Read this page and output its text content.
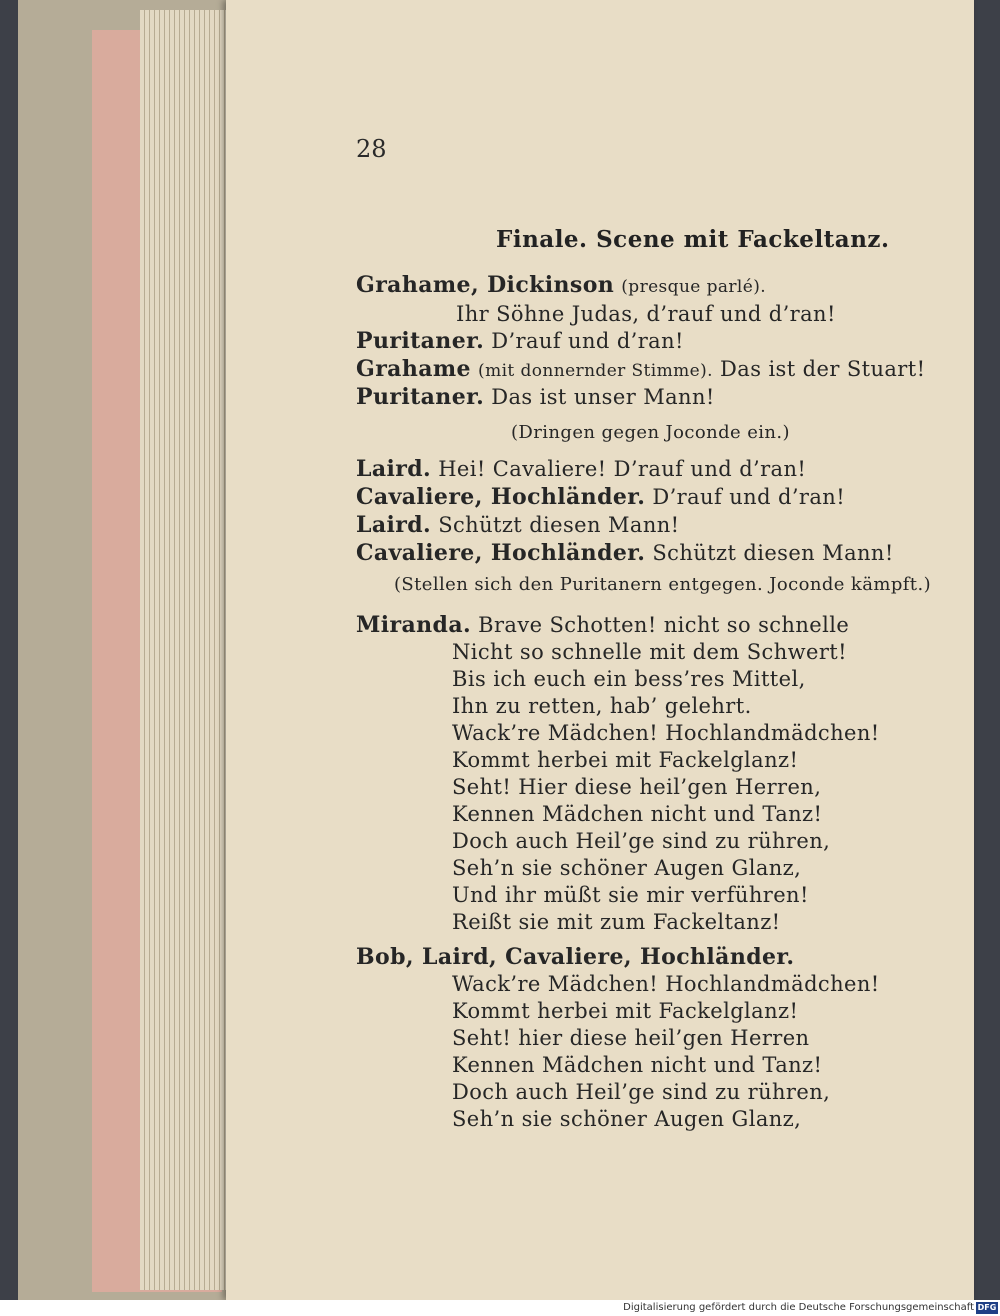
28
Finale. Scene mit Fackeltanz.
Grahame, Dickinson (presque parlé).
Ihr Söhne Judas, d’rauf und d’ran!
Puritaner. D’rauf und d’ran!
Grahame (mit donnernder Stimme). Das ist der Stuart!
Puritaner. Das ist unser Mann!
(Dringen gegen Joconde ein.)
Laird. Hei! Cavaliere! D’rauf und d’ran!
Cavaliere, Hochländer. D’rauf und d’ran!
Laird. Schützt diesen Mann!
Cavaliere, Hochländer. Schützt diesen Mann!
(Stellen sich den Puritanern entgegen. Joconde kämpft.)
Miranda. Brave Schotten! nicht so schnelle
Nicht so schnelle mit dem Schwert!
Bis ich euch ein bess’res Mittel,
Ihn zu retten, hab’ gelehrt.
Wack’re Mädchen! Hochlandmädchen!
Kommt herbei mit Fackelglanz!
Seht! Hier diese heil’gen Herren,
Kennen Mädchen nicht und Tanz!
Doch auch Heil’ge sind zu rühren,
Seh’n sie schöner Augen Glanz,
Und ihr müßt sie mir verführen!
Reißt sie mit zum Fackeltanz!
Bob, Laird, Cavaliere, Hochländer.
Wack’re Mädchen! Hochlandmädchen!
Kommt herbei mit Fackelglanz!
Seht! hier diese heil’gen Herren
Kennen Mädchen nicht und Tanz!
Doch auch Heil’ge sind zu rühren,
Seh’n sie schöner Augen Glanz,
Digitalisierung gefördert durch die Deutsche Forschungsgemeinschaft DFG
